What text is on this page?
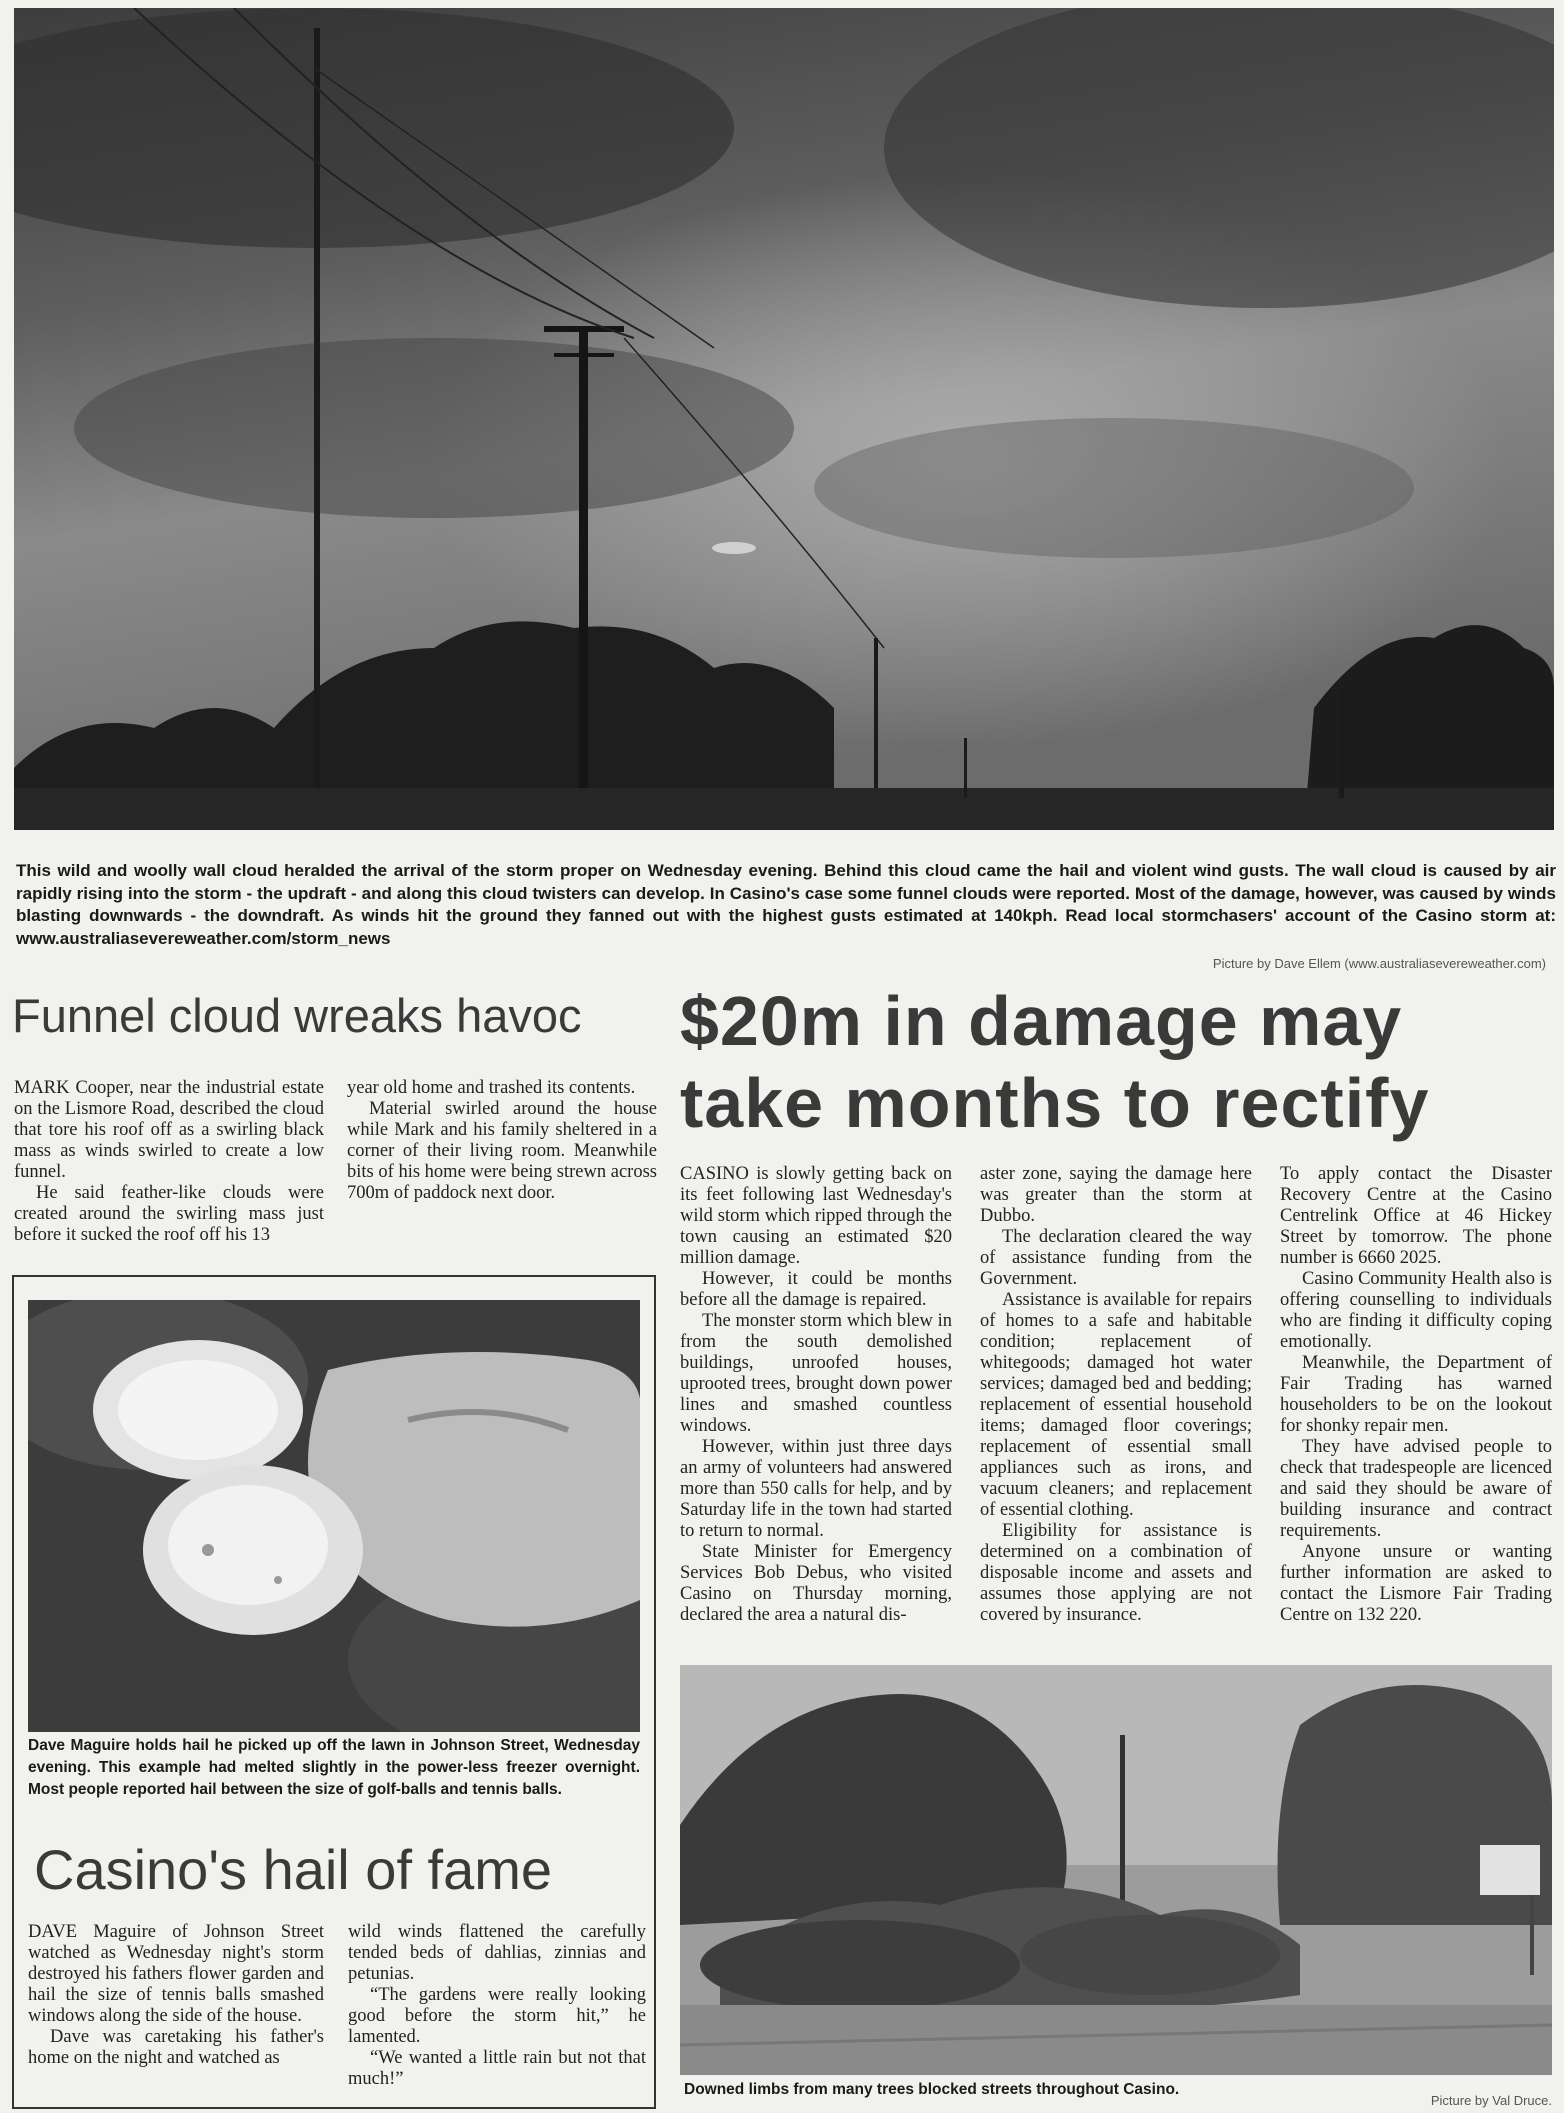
This wild and woolly wall cloud heralded the arrival of the storm proper on Wednesday evening. Behind this cloud came the hail and violent wind gusts. The wall cloud is caused by air rapidly rising into the storm - the updraft - and along this cloud twisters can develop. In Casino's case some funnel clouds were reported. Most of the damage, however, was caused by winds blasting downwards - the downdraft. As winds hit the ground they fanned out with the highest gusts estimated at 140kph. Read local stormchasers' account of the Casino storm at: www.australiasevereweather.com/storm_news
Picture by Dave Ellem (www.australiasevereweather.com)
Funnel cloud wreaks havoc

MARK Cooper, near the industrial estate on the Lismore Road, described the cloud that tore his roof off as a swirling black mass as winds swirled to create a low funnel.

He said feather-like clouds were created around the swirling mass just before it sucked the roof off his 13

year old home and trashed its contents.

Material swirled around the house while Mark and his family sheltered in a corner of their living room. Meanwhile bits of his home were being strewn across 700m of paddock next door.

Dave Maguire holds hail he picked up off the lawn in Johnson Street, Wednesday evening. This example had melted slightly in the power-less freezer overnight. Most people reported hail between the size of golf-balls and tennis balls.
Casino's hail of fame

DAVE Maguire of Johnson Street watched as Wednesday night's storm destroyed his fathers flower garden and hail the size of tennis balls smashed windows along the side of the house.

Dave was caretaking his father's home on the night and watched as

wild winds flattened the carefully tended beds of dahlias, zinnias and petunias.

“The gardens were really looking good before the storm hit,” he lamented.

“We wanted a little rain but not that much!”

$20m in damage may
take months to rectify

CASINO is slowly getting back on its feet following last Wednesday's wild storm which ripped through the town causing an estimated $20 million damage.

However, it could be months before all the damage is repaired.

The monster storm which blew in from the south demolished buildings, unroofed houses, uprooted trees, brought down power lines and smashed countless windows.

However, within just three days an army of volunteers had answered more than 550 calls for help, and by Saturday life in the town had started to return to normal.

State Minister for Emergency Services Bob Debus, who visited Casino on Thursday morning, declared the area a natural dis-

aster zone, saying the damage here was greater than the storm at Dubbo.

The declaration cleared the way of assistance funding from the Government.

Assistance is available for repairs of homes to a safe and habitable condition; replacement of whitegoods; damaged hot water services; damaged bed and bedding; replacement of essential household items; damaged floor coverings; replacement of essential small appliances such as irons, and vacuum cleaners; and replacement of essential clothing.

Eligibility for assistance is determined on a combination of disposable income and assets and assumes those applying are not covered by insurance.

To apply contact the Disaster Recovery Centre at the Casino Centrelink Office at 46 Hickey Street by tomorrow. The phone number is 6660 2025.

Casino Community Health also is offering counselling to individuals who are finding it difficulty coping emotionally.

Meanwhile, the Department of Fair Trading has warned householders to be on the lookout for shonky repair men.

They have advised people to check that tradespeople are licenced and said they should be aware of building insurance and contract requirements.

Anyone unsure or wanting further information are asked to contact the Lismore Fair Trading Centre on 132 220.

Downed limbs from many trees blocked streets throughout Casino.
Picture by Val Druce.
